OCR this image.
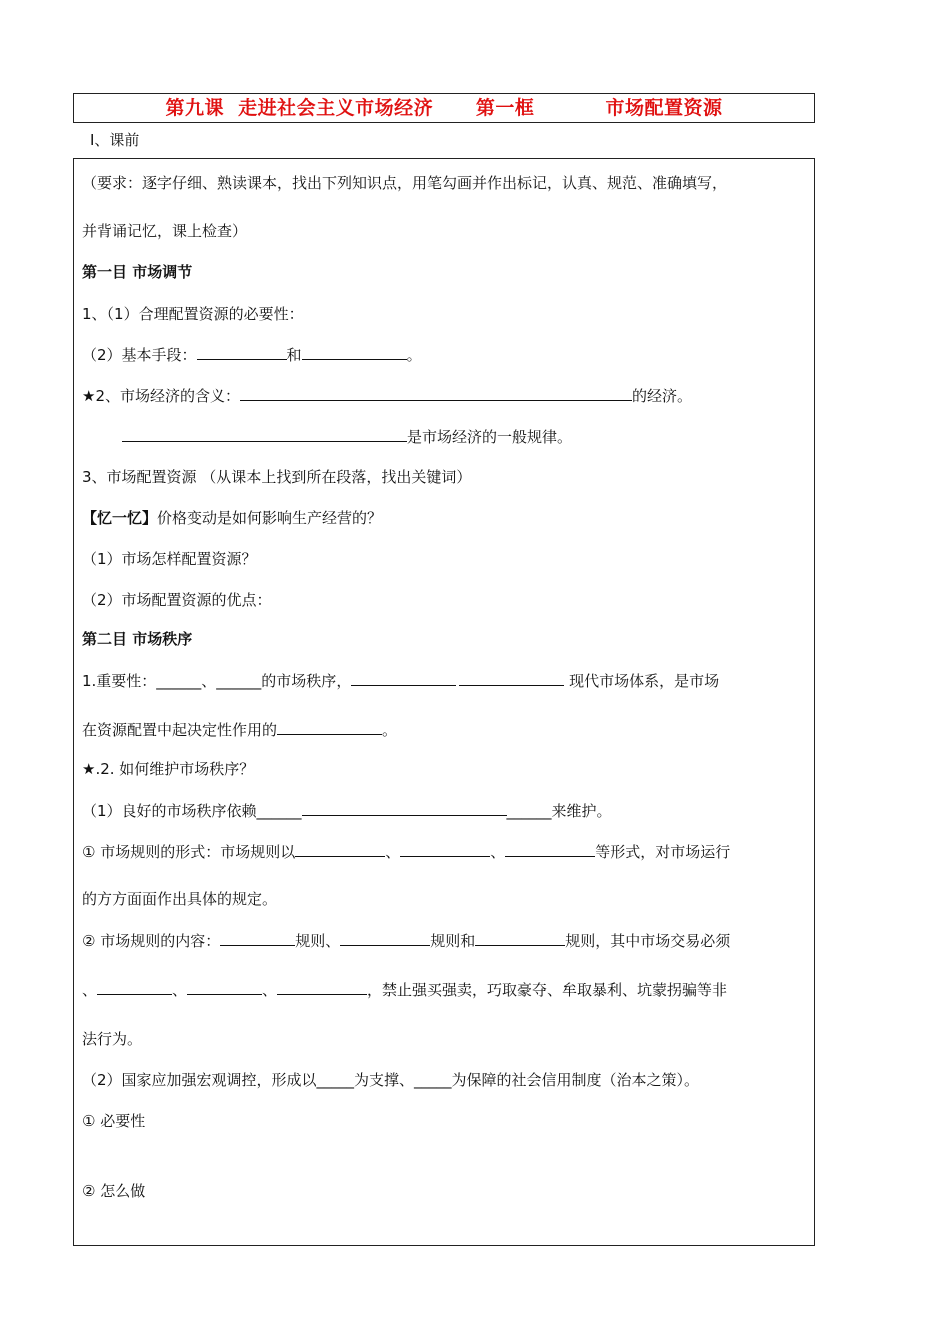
第九课  走进社会主义市场经济      第一框          市场配置资源
Ⅰ、课前
（要求：逐字仔细、熟读课本，找出下列知识点，用笔勾画并作出标记，认真、规范、准确填写，
并背诵记忆，课上检查）
第一目 市场调节
1、（1）合理配置资源的必要性：
（2）基本手段：	和	。
★2、市场经济的含义：	的经济。
是市场经济的一般规律。
3、市场配置资源 （从课本上找到所在段落，找出关键词）
【忆一忆】价格变动是如何影响生产经营的？
（1）市场怎样配置资源？
（2）市场配置资源的优点：
第二目 市场秩序
1.重要性：______、______的市场秩序，	现代市场体系，是市场
在资源配置中起决定性作用的	。
★.2. 如何维护市场秩序？
（1）良好的市场秩序依赖______	______来维护。
① 市场规则的形式：市场规则以	、	、	等形式，对市场运行
的方方面面作出具体的规定。
② 市场规则的内容：	规则、	规则和	规则，其中市场交易必须
、	、	、	，禁止强买强卖，巧取豪夺、牟取暴利、坑蒙拐骗等非
法行为。
（2）国家应加强宏观调控，形成以_____为支撑、_____为保障的社会信用制度（治本之策）。
① 必要性
② 怎么做
